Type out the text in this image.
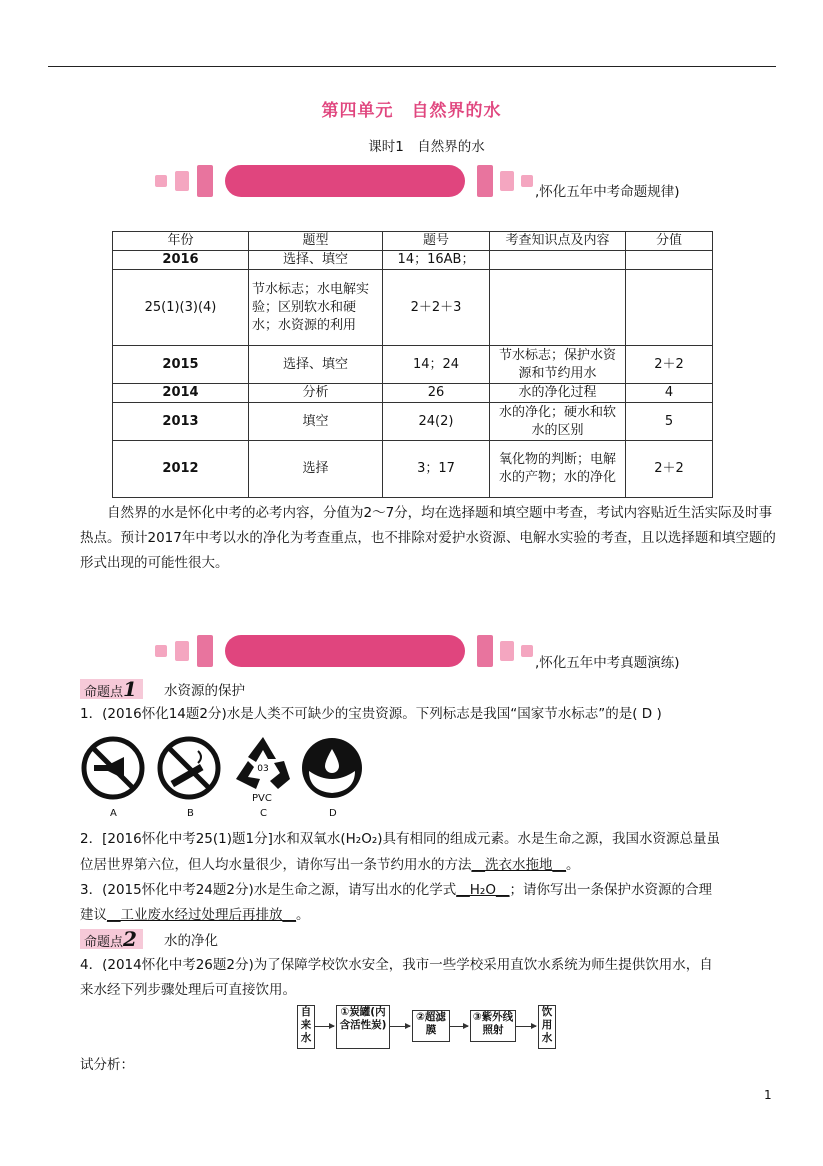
第四单元　自然界的水
课时1　自然界的水
,怀化五年中考命题规律)
年份	题型	题号	考查知识点及内容	分值
2016	选择、填空	14；16AB；		
25(1)(3)(4)	节水标志；水电解实验；区别软水和硬水；水资源的利用	2＋2＋3		
2015	选择、填空	14；24	节水标志；保护水资源和节约用水	2＋2
2014	分析	26	水的净化过程	4
2013	填空	24(2)	水的净化；硬水和软水的区别	5
2012	选择	3；17	氧化物的判断；电解水的产物；水的净化	2＋2
自然界的水是怀化中考的必考内容，分值为2～7分，均在选择题和填空题中考查，考试内容贴近生活实际及时事热点。预计2017年中考以水的净化为考查重点，也不排除对爱护水资源、电解水实验的考查，且以选择题和填空题的形式出现的可能性很大。
,怀化五年中考真题演练)
命题点1	水资源的保护
1．(2016怀化14题2分)水是人类不可缺少的宝贵资源。下列标志是我国“国家节水标志”的是( D )
A	B
03
PVC
C	D
2．[2016怀化中考25(1)题1分]水和双氧水(H₂O₂)具有相同的组成元素。水是生命之源，我国水资源总量虽
位居世界第六位，但人均水量很少，请你写出一条节约用水的方法__洗衣水拖地__。
3．(2015怀化中考24题2分)水是生命之源，请写出水的化学式__H₂O__；请你写出一条保护水资源的合理
建议__工业废水经过处理后再排放__。
命题点2	水的净化
4．(2014怀化中考26题2分)为了保障学校饮水安全，我市一些学校采用直饮水系统为师生提供饮用水，自
来水经下列步骤处理后可直接饮用。
自来水
①炭罐(内含活性炭)
②超滤膜
③紫外线照射
饮用水
试分析：
1
